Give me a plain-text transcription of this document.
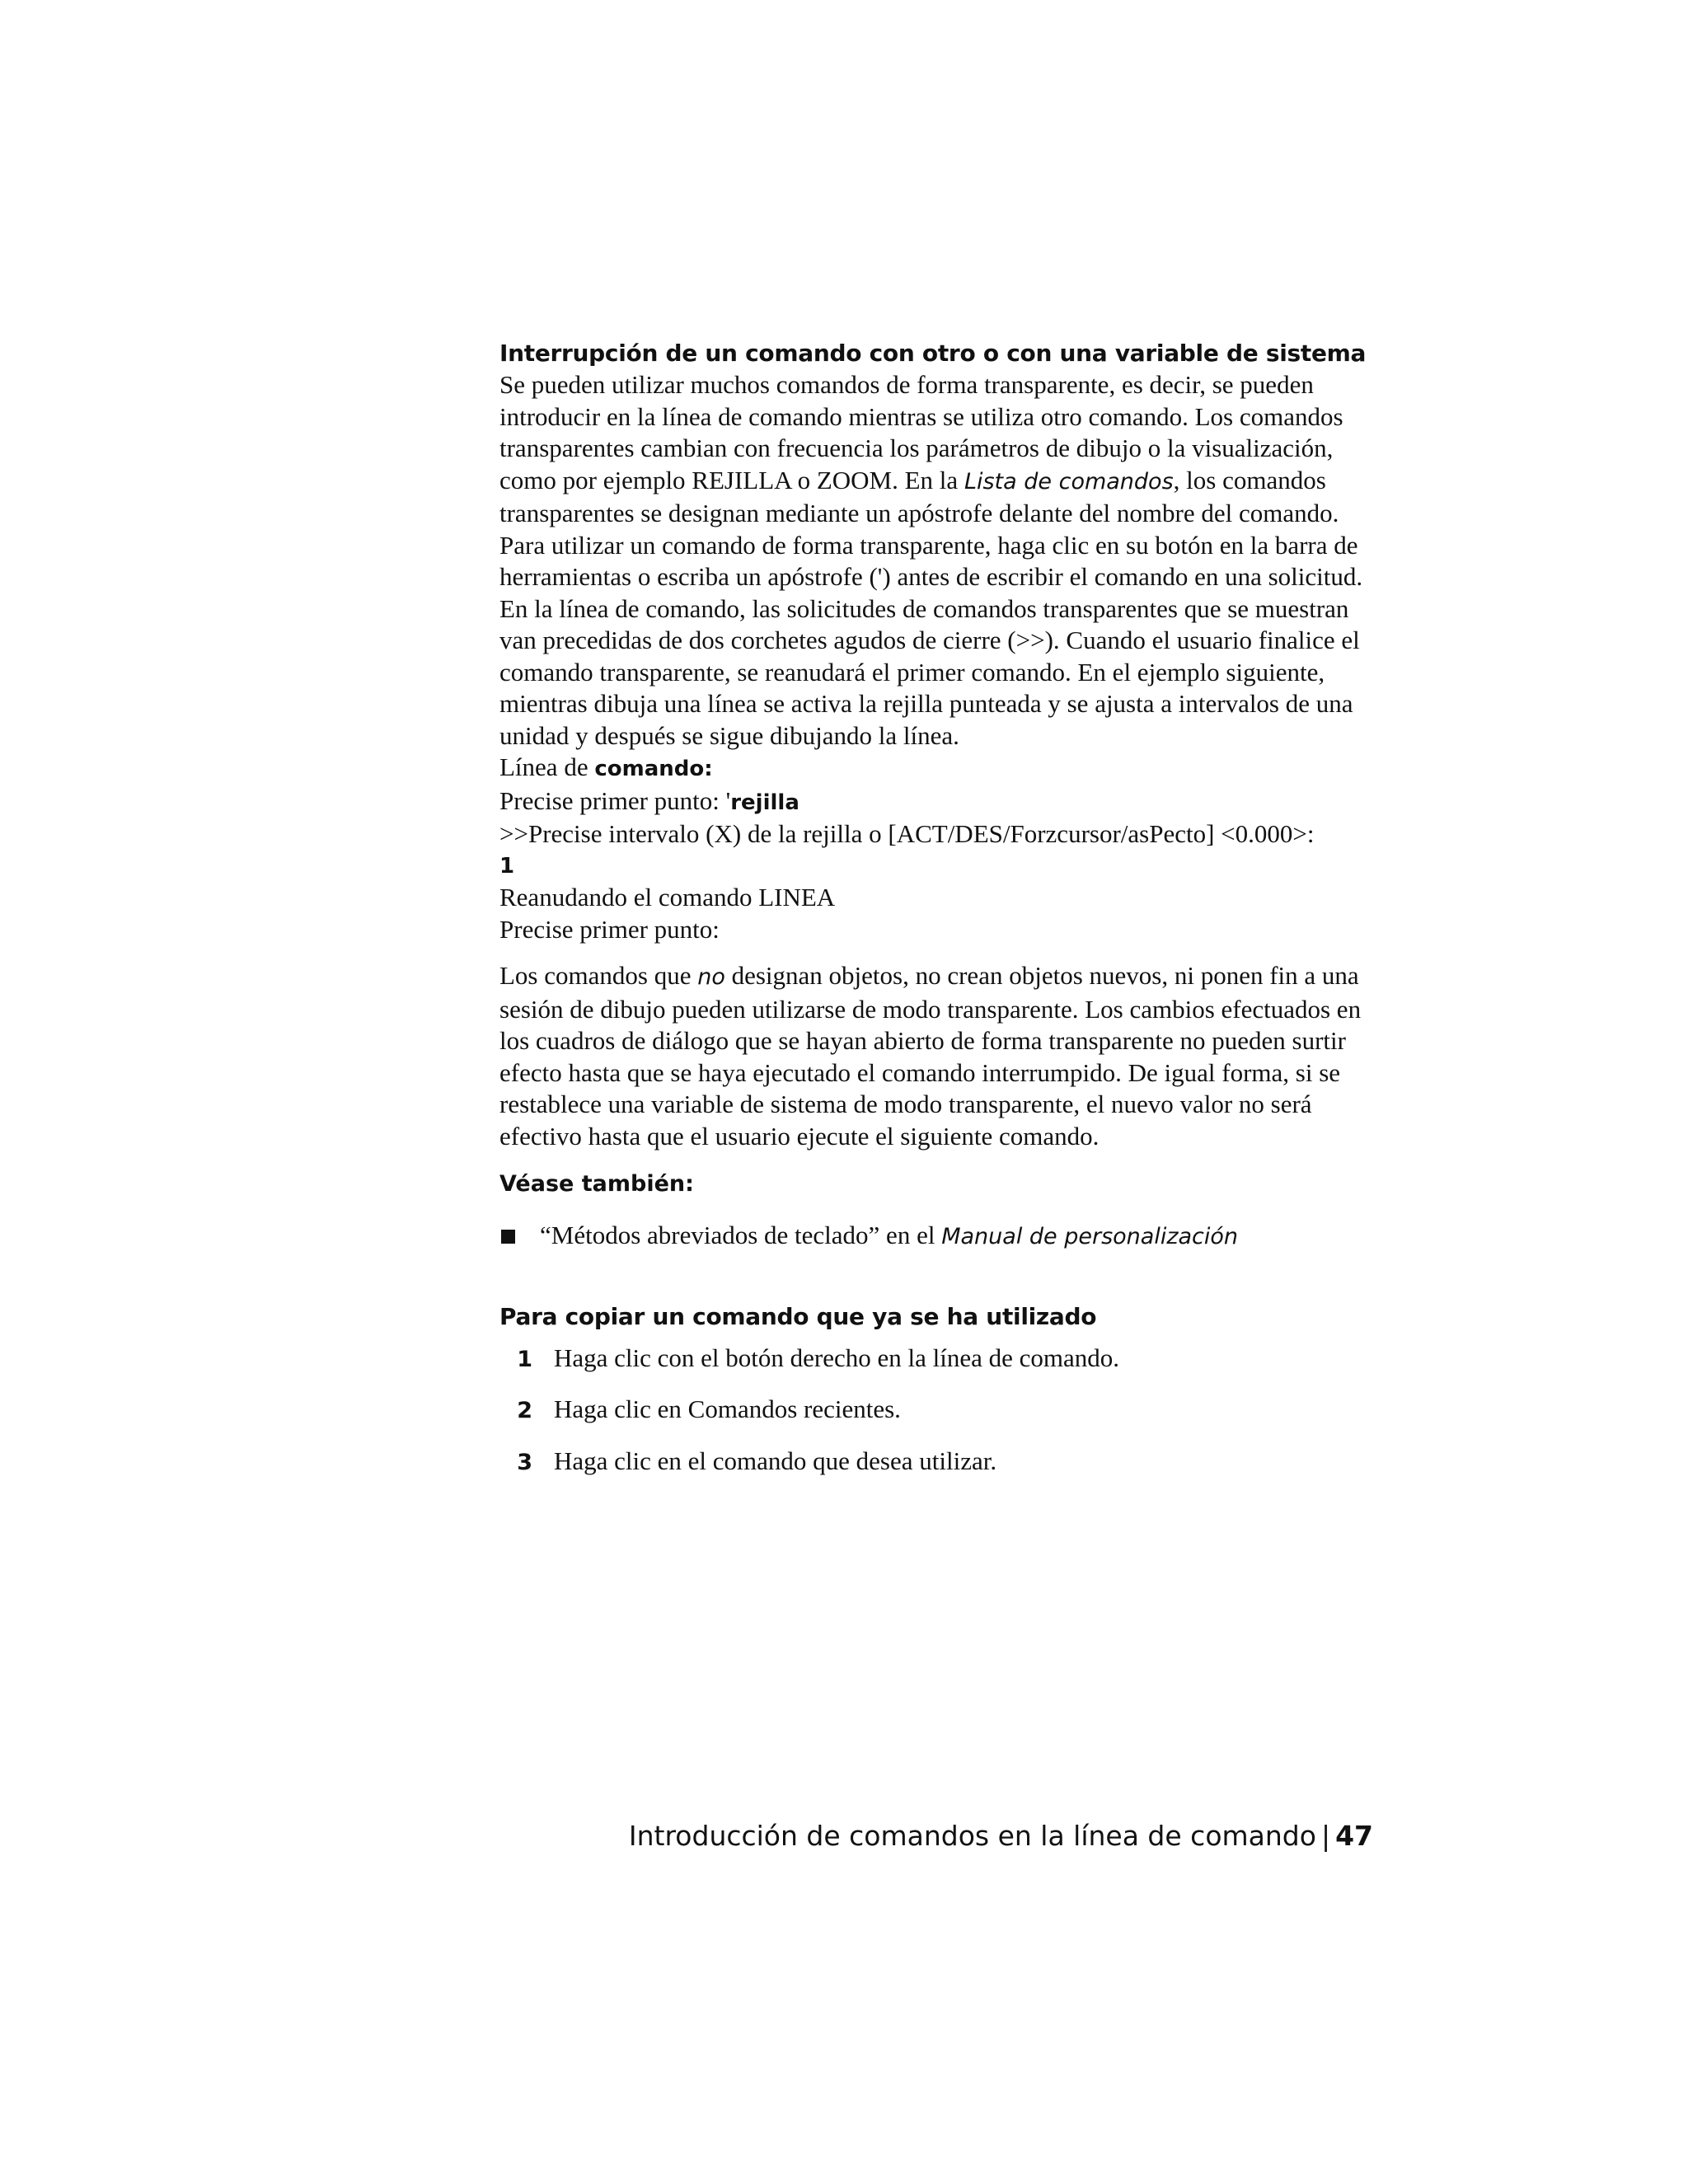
Interrupción de un comando con otro o con una variable de sistema

Se pueden utilizar muchos comandos de forma transparente, es decir, se pueden introducir en la línea de comando mientras se utiliza otro comando. Los comandos transparentes cambian con frecuencia los parámetros de dibujo o la visualización, como por ejemplo REJILLA o ZOOM. En la Lista de comandos, los comandos transparentes se designan mediante un apóstrofe delante del nombre del comando.

Para utilizar un comando de forma transparente, haga clic en su botón en la barra de herramientas o escriba un apóstrofe (') antes de escribir el comando en una solicitud. En la línea de comando, las solicitudes de comandos transparentes que se muestran van precedidas de dos corchetes agudos de cierre (>>). Cuando el usuario finalice el comando transparente, se reanudará el primer comando. En el ejemplo siguiente, mientras dibuja una línea se activa la rejilla punteada y se ajusta a intervalos de una unidad y después se sigue dibujando la línea.

Línea de comando:
Precise primer punto: 'rejilla
>>Precise intervalo (X) de la rejilla o [ACT/DES/Forzcursor/asPecto] <0.000>:
1
Reanudando el comando LINEA
Precise primer punto:

Los comandos que no designan objetos, no crean objetos nuevos, ni ponen fin a una sesión de dibujo pueden utilizarse de modo transparente. Los cambios efectuados en los cuadros de diálogo que se hayan abierto de forma transparente no pueden surtir efecto hasta que se haya ejecutado el comando interrumpido. De igual forma, si se restablece una variable de sistema de modo transparente, el nuevo valor no será efectivo hasta que el usuario ejecute el siguiente comando.

Véase también:
“Métodos abreviados de teclado” en el Manual de personalización
Para copiar un comando que ya se ha utilizado
1 Haga clic con el botón derecho en la línea de comando.
2 Haga clic en Comandos recientes.
3 Haga clic en el comando que desea utilizar.
Introducción de comandos en la línea de comando | 47
